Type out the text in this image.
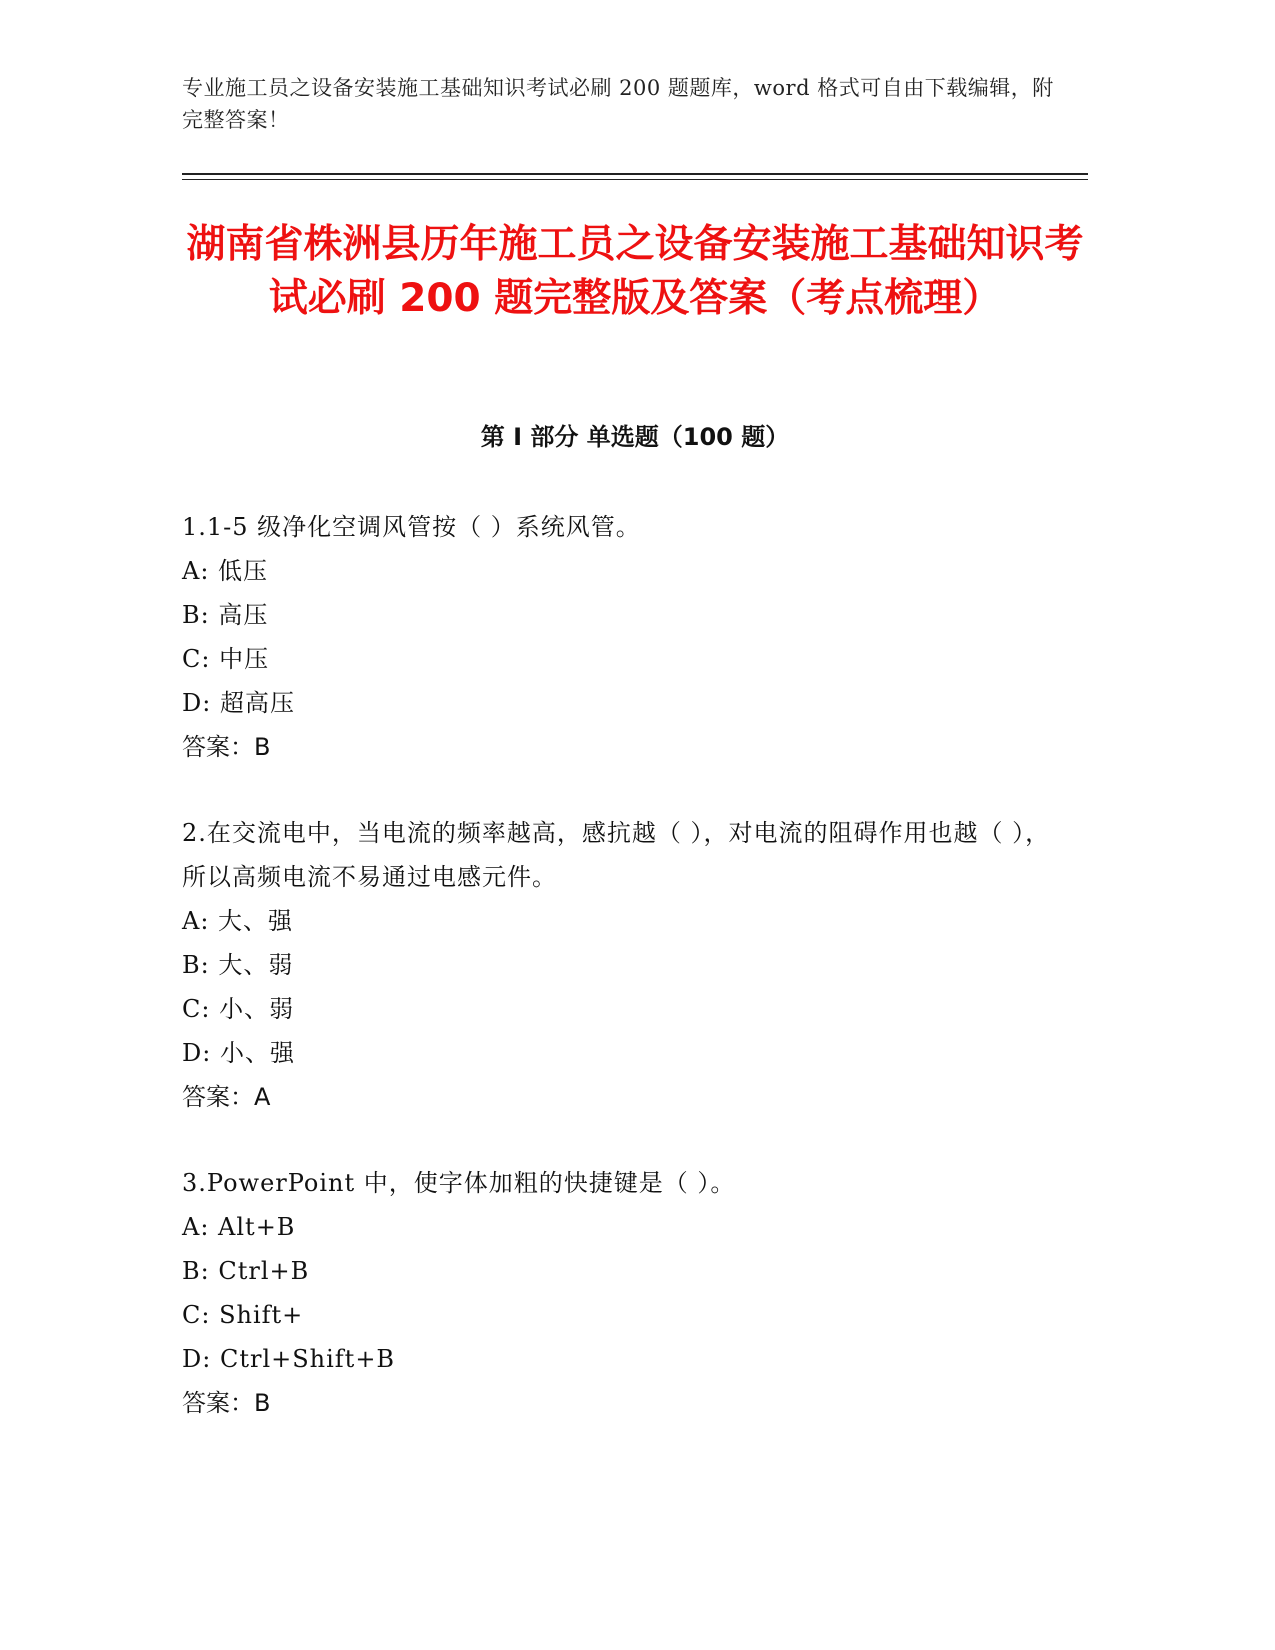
专业施工员之设备安装施工基础知识考试必刷 200 题题库，word 格式可自由下载编辑，附完整答案！
湖南省株洲县历年施工员之设备安装施工基础知识考试必刷 200 题完整版及答案（考点梳理）
第 I 部分 单选题（100 题）
1.1-5 级净化空调风管按（ ）系统风管。
A: 低压
B: 高压
C: 中压
D: 超高压
答案：B
2.在交流电中，当电流的频率越高，感抗越（ ），对电流的阻碍作用也越（ ），所以高频电流不易通过电感元件。
A: 大、强
B: 大、弱
C: 小、弱
D: 小、强
答案：A
3.PowerPoint 中，使字体加粗的快捷键是（ ）。
A: Alt+B
B: Ctrl+B
C: Shift+
D: Ctrl+Shift+B
答案：B
